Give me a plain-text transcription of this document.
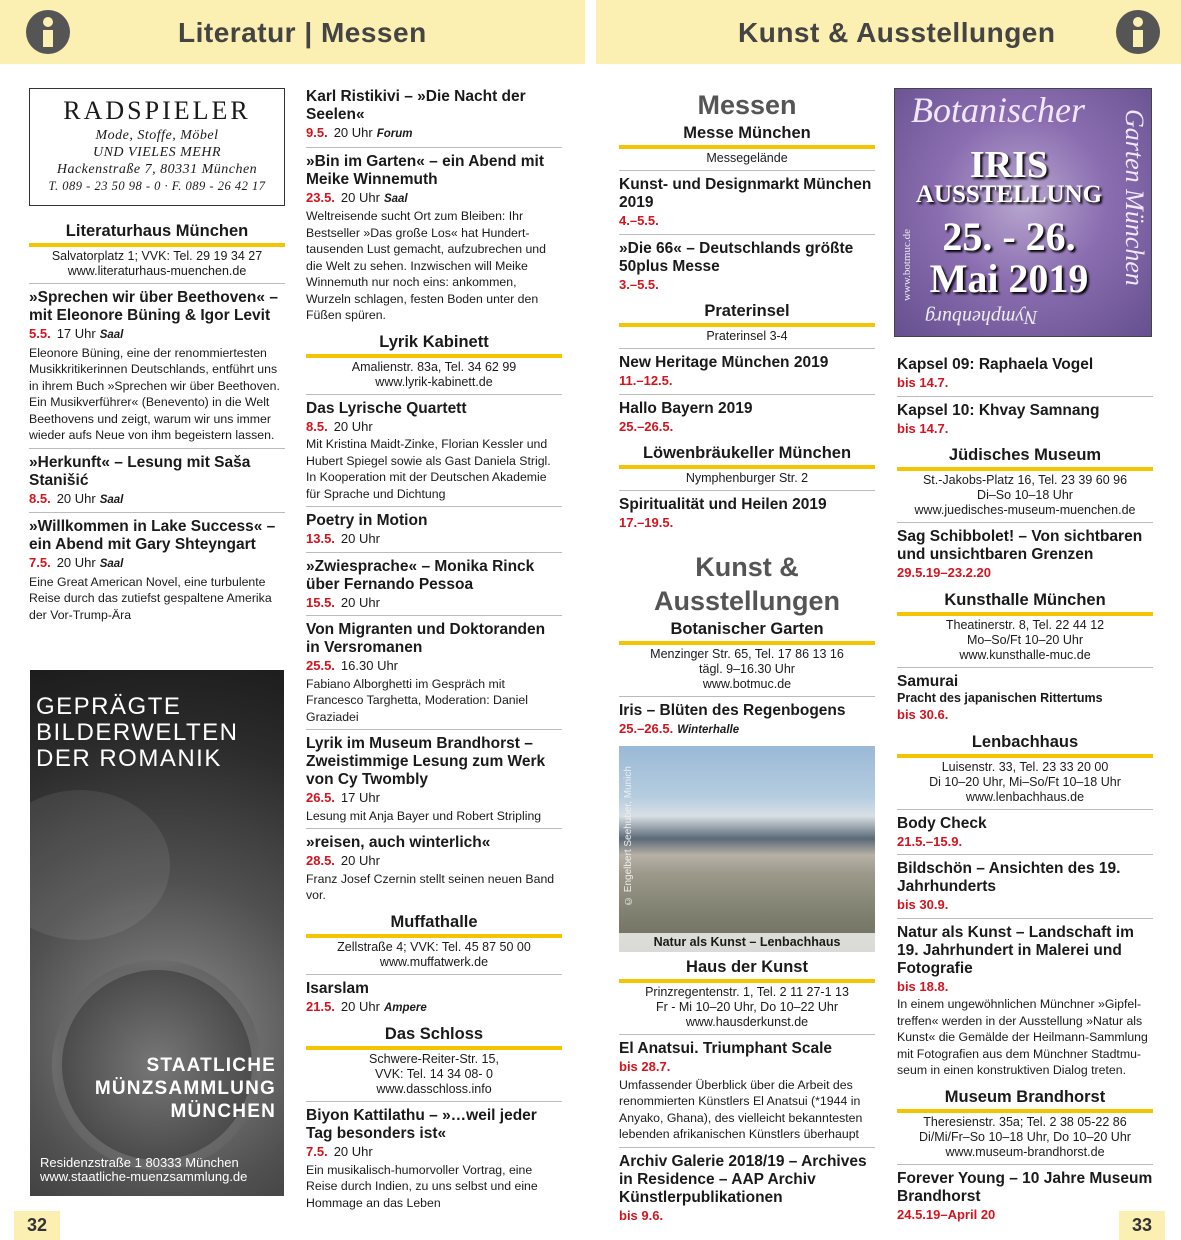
Literatur | Messen	Kunst & Ausstellungen
32	33
RADSPIELER
Mode, Stoffe, Möbel
UND VIELES MEHR
Hackenstraße 7, 80331 München
T. 089 - 23 50 98 - 0 · F. 089 - 26 42 17
Literaturhaus München
Salvatorplatz 1; VVK: Tel. 29 19 34 27
www.literaturhaus-muenchen.de
»Sprechen wir über Beethoven« – mit Eleonore Büning & Igor Levit
5.5. 17 Uhr Saal
Eleonore Büning, eine der renommiertesten Musikkritikerinnen Deutschlands, entführt uns in ihrem Buch »Sprechen wir über Beethoven. Ein Musikverführer« (Benevento) in die Welt Beethovens und zeigt, warum wir uns immer wieder aufs Neue von ihm begeistern lassen.
»Herkunft« – Lesung mit Saša Stanišić
8.5. 20 Uhr Saal
»Willkommen in Lake Success« – ein Abend mit Gary Shteyngart
7.5. 20 Uhr Saal
Eine Great American Novel, eine turbulente Reise durch das zutiefst gespaltene Amerika der Vor-Trump-Ära
GEPRÄGTE
BILDERWELTEN
DER ROMANIK
STAATLICHE
MÜNZSAMMLUNG
MÜNCHEN
Residenzstraße 1 80333 München
www.staatliche-muenzsammlung.de
Karl Ristikivi – »Die Nacht der Seelen«
9.5. 20 Uhr Forum
»Bin im Garten« – ein Abend mit Meike Winnemuth
23.5. 20 Uhr Saal
Weltreisende sucht Ort zum Bleiben: Ihr Bestseller »Das große Los« hat Hunderttausenden Lust gemacht, aufzubrechen und die Welt zu sehen. Inzwischen will Meike Winnemuth nur noch eins: ankommen, Wurzeln schlagen, festen Boden unter den Füßen spüren.
Lyrik Kabinett
Amalienstr. 83a, Tel. 34 62 99
www.lyrik-kabinett.de
Das Lyrische Quartett
8.5. 20 Uhr
Mit Kristina Maidt-Zinke, Florian Kessler und Hubert Spiegel sowie als Gast Daniela Strigl. In Kooperation mit der Deutschen Akademie für Sprache und Dichtung
Poetry in Motion
13.5. 20 Uhr
»Zwiesprache« – Monika Rinck über Fernando Pessoa
15.5. 20 Uhr
Von Migranten und Doktoranden in Versromanen
25.5. 16.30 Uhr
Fabiano Alborghetti im Gespräch mit Francesco Targhetta, Moderation: Daniel Graziadei
Lyrik im Museum Brandhorst – Zweistimmige Lesung zum Werk von Cy Twombly
26.5. 17 Uhr
Lesung mit Anja Bayer und Robert Stripling
»reisen, auch winterlich«
28.5. 20 Uhr
Franz Josef Czernin stellt seinen neuen Band vor.
Muffathalle
Zellstraße 4; VVK: Tel. 45 87 50 00
www.muffatwerk.de
Isarslam
21.5. 20 Uhr Ampere
Das Schloss
Schwere-Reiter-Str. 15,
VVK: Tel. 14 34 08- 0
www.dasschloss.info
Biyon Kattilathu – »…weil jeder Tag besonders ist«
7.5. 20 Uhr
Ein musikalisch-humorvoller Vortrag, eine Reise durch Indien, zu uns selbst und eine Hommage an das Leben
Messen
Messe München
Messegelände
Kunst- und Designmarkt München 2019
4.–5.5.
»Die 66« – Deutschlands größte 50plus Messe
3.–5.5.
Praterinsel
Praterinsel 3-4
New Heritage München 2019
11.–12.5.
Hallo Bayern 2019
25.–26.5.
Löwenbräukeller München
Nymphenburger Str. 2
Spiritualität und Heilen 2019
17.–19.5.
Kunst &
Ausstellungen
Botanischer Garten
Menzinger Str. 65, Tel. 17 86 13 16
tägl. 9–16.30 Uhr
www.botmuc.de
Iris – Blüten des Regenbogens
25.–26.5. Winterhalle
© Engelbert Seehuber, Munich
Natur als Kunst – Lenbachhaus
Haus der Kunst
Prinzregentenstr. 1, Tel. 2 11 27-1 13
Fr - Mi 10–20 Uhr, Do 10–22 Uhr
www.hausderkunst.de
El Anatsui. Triumphant Scale
bis 28.7.
Umfassender Überblick über die Arbeit des renommierten Künstlers El Anatsui (*1944 in Anyako, Ghana), des vielleicht bekanntesten lebenden afrikanischen Künstlers überhaupt
Archiv Galerie 2018/19 – Archives in Residence – AAP Archiv Künstlerpublikationen
bis 9.6.
Botanischer
IRIS
AUSSTELLUNG
25. - 26.
Mai 2019	Garten München
www.botmuc.de
Nymphenburg
Kapsel 09: Raphaela Vogel
bis 14.7.
Kapsel 10: Khvay Samnang
bis 14.7.
Jüdisches Museum
St.-Jakobs-Platz 16, Tel. 23 39 60 96
Di–So 10–18 Uhr
www.juedisches-museum-muenchen.de
Sag Schibbolet! – Von sichtbaren und unsichtbaren Grenzen
29.5.19–23.2.20
Kunsthalle München
Theatinerstr. 8, Tel. 22 44 12
Mo–So/Ft 10–20 Uhr
www.kunsthalle-muc.de
Samurai
Pracht des japanischen Rittertums
bis 30.6.
Lenbachhaus
Luisenstr. 33, Tel. 23 33 20 00
Di 10–20 Uhr, Mi–So/Ft 10–18 Uhr
www.lenbachhaus.de
Body Check
21.5.–15.9.
Bildschön – Ansichten des 19. Jahrhunderts
bis 30.9.
Natur als Kunst – Landschaft im 19. Jahrhundert in Malerei und Fotografie
bis 18.8.
In einem ungewöhnlichen Münchner »Gipfeltreffen« werden in der Ausstellung »Natur als Kunst« die Gemälde der Heilmann-Sammlung mit Fotografien aus dem Münchner Stadtmuseum in einen konstruktiven Dialog treten.
Museum Brandhorst
Theresienstr. 35a; Tel. 2 38 05-22 86
Di/Mi/Fr–So 10–18 Uhr, Do 10–20 Uhr
www.museum-brandhorst.de
Forever Young – 10 Jahre Museum Brandhorst
24.5.19–April 20
